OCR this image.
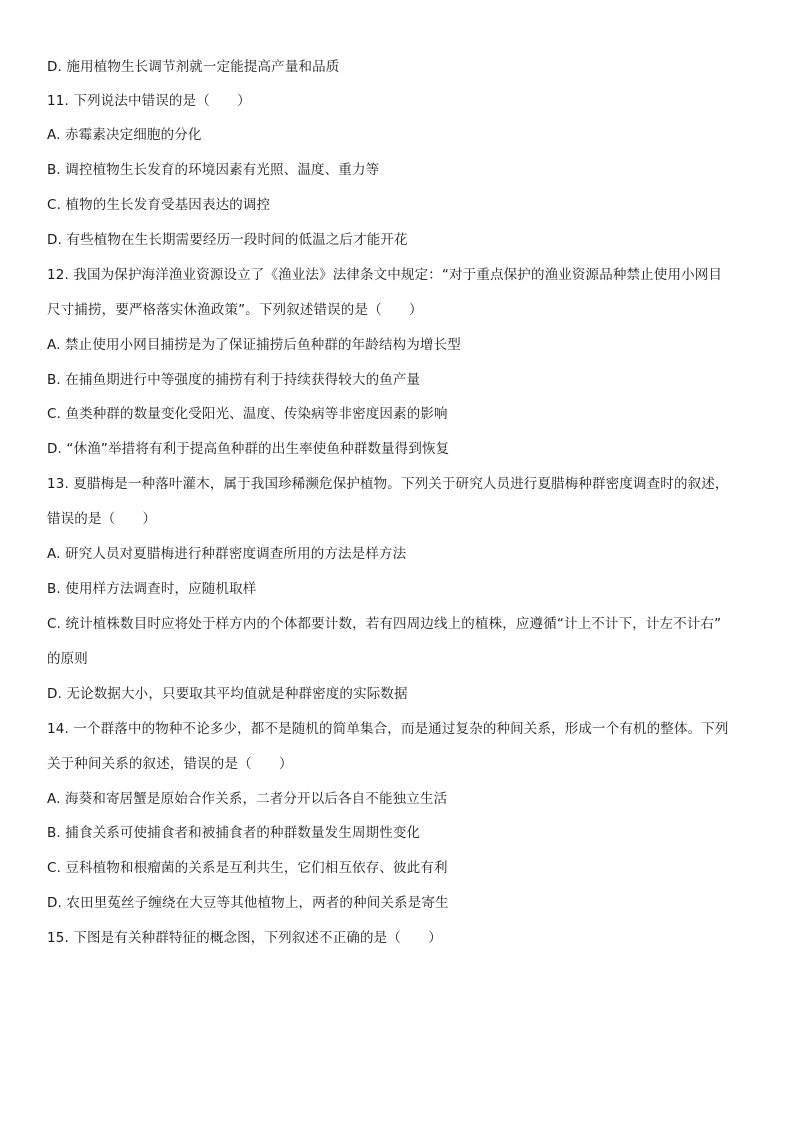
D. 施用植物生长调节剂就一定能提高产量和品质
11. 下列说法中错误的是（　　）
A. 赤霉素决定细胞的分化
B. 调控植物生长发育的环境因素有光照、温度、重力等
C. 植物的生长发育受基因表达的调控
D. 有些植物在生长期需要经历一段时间的低温之后才能开花
12. 我国为保护海洋渔业资源设立了《渔业法》法律条文中规定：“对于重点保护的渔业资源品种禁止使用小网目
尺寸捕捞，要严格落实休渔政策”。下列叙述错误的是（　　）
A. 禁止使用小网目捕捞是为了保证捕捞后鱼种群的年龄结构为增长型
B. 在捕鱼期进行中等强度的捕捞有利于持续获得较大的鱼产量
C. 鱼类种群的数量变化受阳光、温度、传染病等非密度因素的影响
D. “休渔”举措将有利于提高鱼种群的出生率使鱼种群数量得到恢复
13. 夏腊梅是一种落叶灌木，属于我国珍稀濒危保护植物。下列关于研究人员进行夏腊梅种群密度调查时的叙述，
错误的是（　　）
A. 研究人员对夏腊梅进行种群密度调查所用的方法是样方法
B. 使用样方法调查时，应随机取样
C. 统计植株数目时应将处于样方内的个体都要计数，若有四周边线上的植株，应遵循“计上不计下，计左不计右”
的原则
D. 无论数据大小，只要取其平均值就是种群密度的实际数据
14. 一个群落中的物种不论多少，都不是随机的简单集合，而是通过复杂的种间关系，形成一个有机的整体。下列
关于种间关系的叙述，错误的是（　　）
A. 海葵和寄居蟹是原始合作关系，二者分开以后各自不能独立生活
B. 捕食关系可使捕食者和被捕食者的种群数量发生周期性变化
C. 豆科植物和根瘤菌的关系是互利共生，它们相互依存、彼此有利
D. 农田里菟丝子缠绕在大豆等其他植物上，两者的种间关系是寄生
15. 下图是有关种群特征的概念图，下列叙述不正确的是（　　）
